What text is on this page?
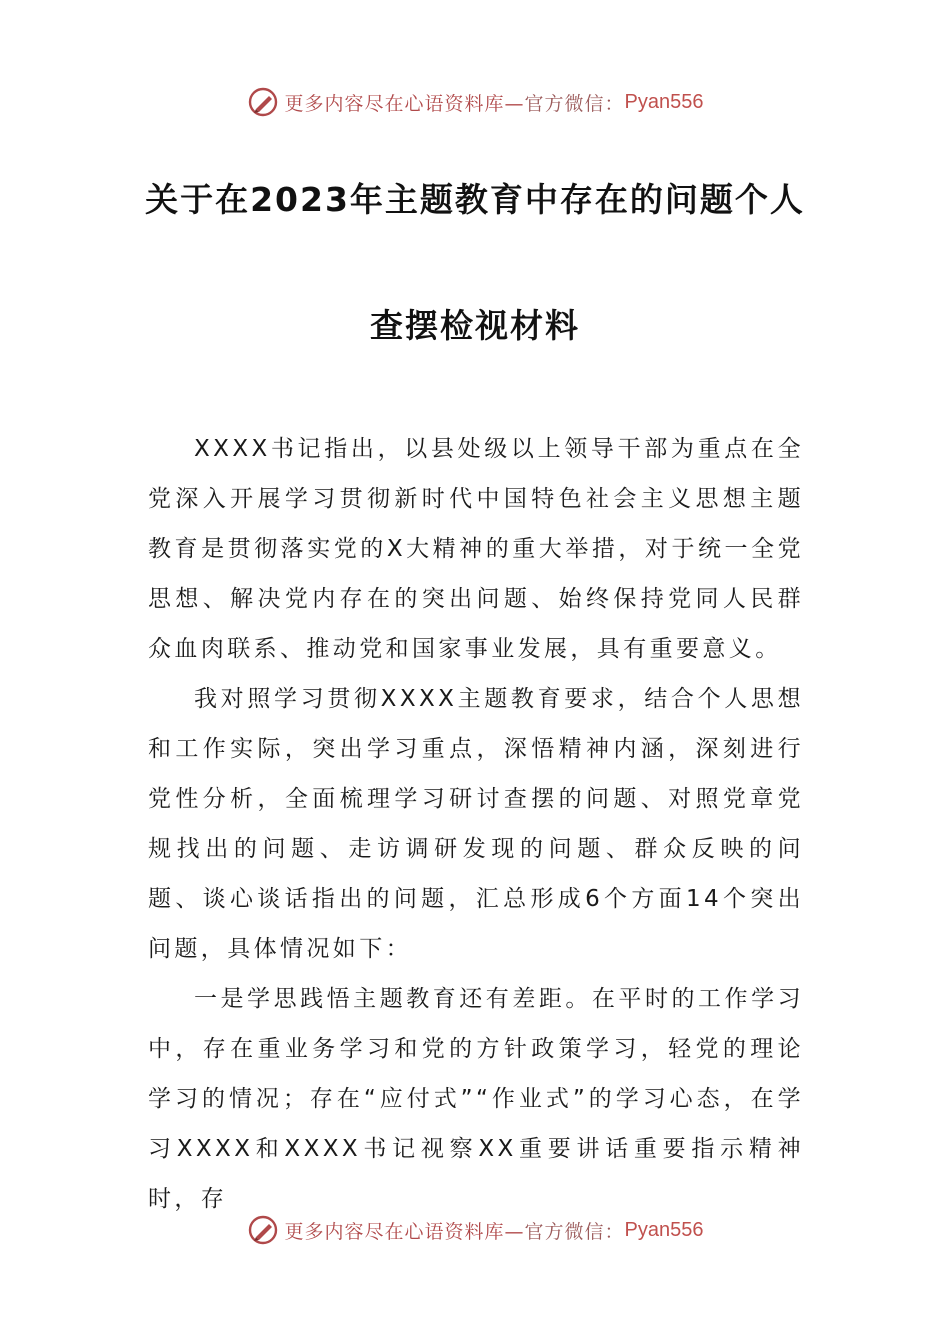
更多内容尽在心语资料库— 官方微信： Pyan556
关于在2023年主题教育中存在的问题个人
查摆检视材料

XXXX书记指出，以县处级以上领导干部为重点在全党深入开展学习贯彻新时代中国特色社会主义思想主题教育是贯彻落实党的X大精神的重大举措，对于统一全党思想、解决党内存在的突出问题、始终保持党同人民群众血肉联系、推动党和国家事业发展，具有重要意义。

我对照学习贯彻XXXX主题教育要求，结合个人思想和工作实际，突出学习重点，深悟精神内涵，深刻进行党性分析，全面梳理学习研讨查摆的问题、对照党章党规找出的问题、走访调研发现的问题、群众反映的问题、谈心谈话指出的问题，汇总形成6个方面14个突出问题，具体情况如下：

一是学思践悟主题教育还有差距。在平时的工作学习中，存在重业务学习和党的方针政策学习，轻党的理论学习的情况；存在“应付式”“作业式”的学习心态，在学习XXXX和XXXX书记视察XX重要讲话重要指示精神时，存

更多内容尽在心语资料库— 官方微信： Pyan556
